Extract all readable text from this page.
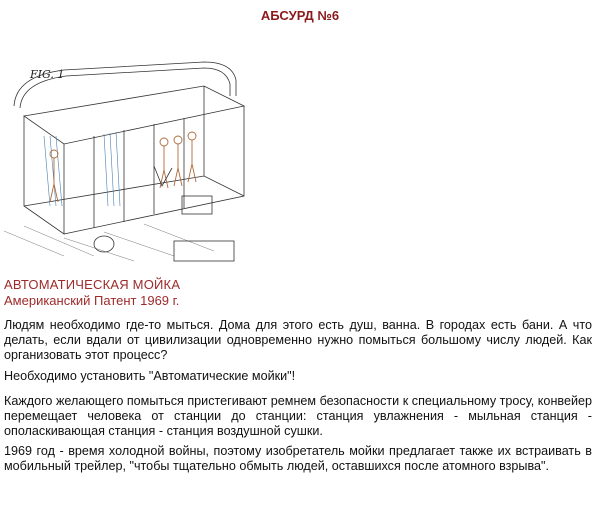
АБСУРД №6
FIG. 1
АВТОМАТИЧЕСКАЯ МОЙКА
Американский Патент 1969 г.

Людям необходимо где-то мыться. Дома для этого есть душ, ванна. В городах есть бани. А что делать, если вдали от цивилизации одновременно нужно помыться большому числу людей. Как организовать этот процесс?

Необходимо установить "Автоматические мойки"!

Каждого желающего помыться пристегивают ремнем безопасности к специальному тросу, конвейер перемещает человека от станции до станции: станция увлажнения - мыльная станция - ополаскивающая станция - станция воздушной сушки.

1969 год - время холодной войны, поэтому изобретатель мойки предлагает также их встраивать в мобильный трейлер, "чтобы тщательно обмыть людей, оставшихся после атомного взрыва".
